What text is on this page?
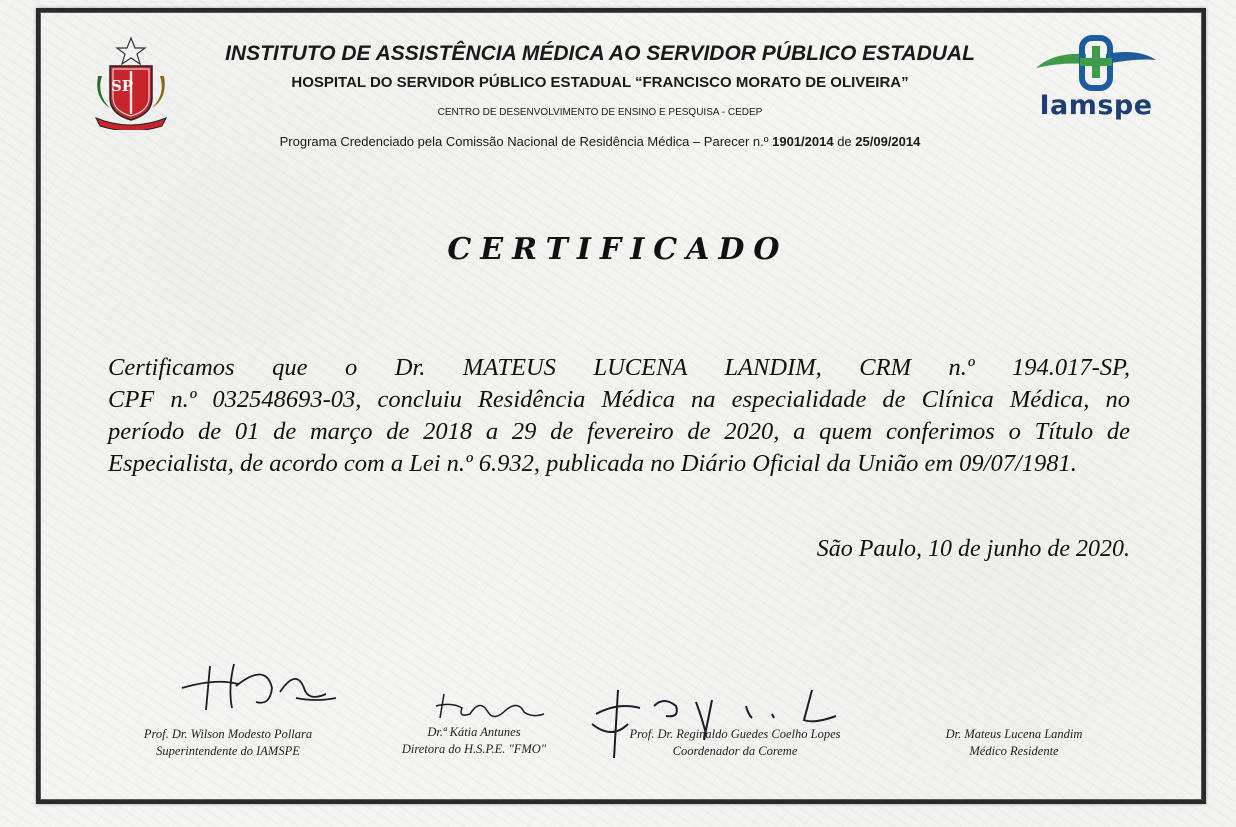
SP
Iamspe
INSTITUTO DE ASSISTÊNCIA MÉDICA AO SERVIDOR PÚBLICO ESTADUAL
HOSPITAL DO SERVIDOR PÚBLICO ESTADUAL “FRANCISCO MORATO DE OLIVEIRA”
CENTRO DE DESENVOLVIMENTO DE ENSINO E PESQUISA - CEDEP
Programa Credenciado pela Comissão Nacional de Residência Médica – Parecer n.º 1901/2014 de 25/09/2014
CERTIFICADO
Certificamos que o Dr. MATEUS LUCENA LANDIM, CRM n.º 194.017-SP,
CPF n.º 032548693-03, concluiu Residência Médica na especialidade de Clínica Médica, no
período de 01 de março de 2018 a 29 de fevereiro de 2020, a quem conferimos o Título de
Especialista, de acordo com a Lei n.º 6.932, publicada no Diário Oficial da União em 09/07/1981.
São Paulo, 10 de junho de 2020.
Prof. Dr. Wilson Modesto Pollara
Superintendente do IAMSPE
Dr.ª Kátia Antunes
Diretora do H.S.P.E. "FMO"
Prof. Dr. Reginaldo Guedes Coelho Lopes
Coordenador da Coreme
Dr. Mateus Lucena Landim
Médico Residente
